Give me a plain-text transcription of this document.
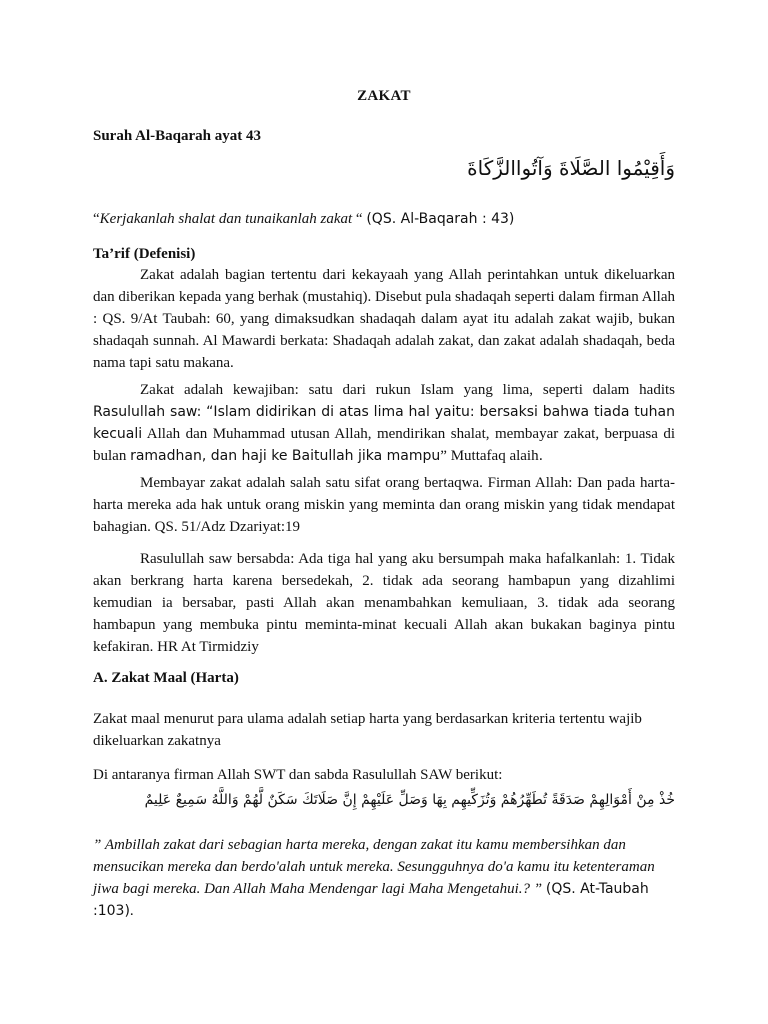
ZAKAT
Surah Al-Baqarah ayat 43
وَأَقِيْمُوا الصَّلَاةَ وَآتُواالزَّكَاةَ
“Kerjakanlah shalat dan tunaikanlah zakat “ (QS. Al-Baqarah : 43)
Ta’rif (Defenisi)
Zakat adalah bagian tertentu dari kekayaah yang Allah perintahkan untuk dikeluarkan dan diberikan kepada yang berhak (mustahiq). Disebut pula shadaqah seperti dalam firman Allah : QS. 9/At Taubah: 60, yang dimaksudkan shadaqah dalam ayat itu adalah zakat wajib, bukan shadaqah sunnah. Al Mawardi berkata: Shadaqah adalah zakat, dan zakat adalah shadaqah, beda nama tapi satu makana.
Zakat adalah kewajiban: satu dari rukun Islam yang lima, seperti dalam hadits Rasulullah saw: “Islam didirikan di atas lima hal yaitu: bersaksi bahwa tiada tuhan kecuali Allah dan Muhammad utusan Allah, mendirikan shalat, membayar zakat, berpuasa di bulan ramadhan, dan haji ke Baitullah jika mampu” Muttafaq alaih.
Membayar zakat adalah salah satu sifat orang bertaqwa. Firman Allah: Dan pada harta-harta mereka ada hak untuk orang miskin yang meminta dan orang miskin yang tidak mendapat bahagian. QS. 51/Adz Dzariyat:19
Rasulullah saw bersabda: Ada tiga hal yang aku bersumpah maka hafalkanlah: 1. Tidak akan berkrang harta karena bersedekah, 2. tidak ada seorang hambapun yang dizahlimi kemudian ia bersabar, pasti Allah akan menambahkan kemuliaan, 3. tidak ada seorang hambapun yang membuka pintu meminta-minat kecuali Allah akan bukakan baginya pintu kefakiran. HR At Tirmidziy
A. Zakat Maal (Harta)
Zakat maal menurut para ulama adalah setiap harta yang berdasarkan kriteria tertentu wajib dikeluarkan zakatnya
Di antaranya firman Allah SWT dan sabda Rasulullah SAW berikut:
خُذْ مِنْ أَمْوَالِهِمْ صَدَقَةً تُطَهِّرُهُمْ وَتُزَكِّيهِم بِهَا وَصَلِّ عَلَيْهِمْ إِنَّ صَلَاتَكَ سَكَنٌ لَّهُمْ وَاللَّهُ سَمِيعٌ عَلِيمٌ
” Ambillah zakat dari sebagian harta mereka, dengan zakat itu kamu membersihkan dan mensucikan mereka dan berdo'alah untuk mereka. Sesungguhnya do'a kamu itu ketenteraman jiwa bagi mereka. Dan Allah Maha Mendengar lagi Maha Mengetahui.? ” (QS. At-Taubah :103).
